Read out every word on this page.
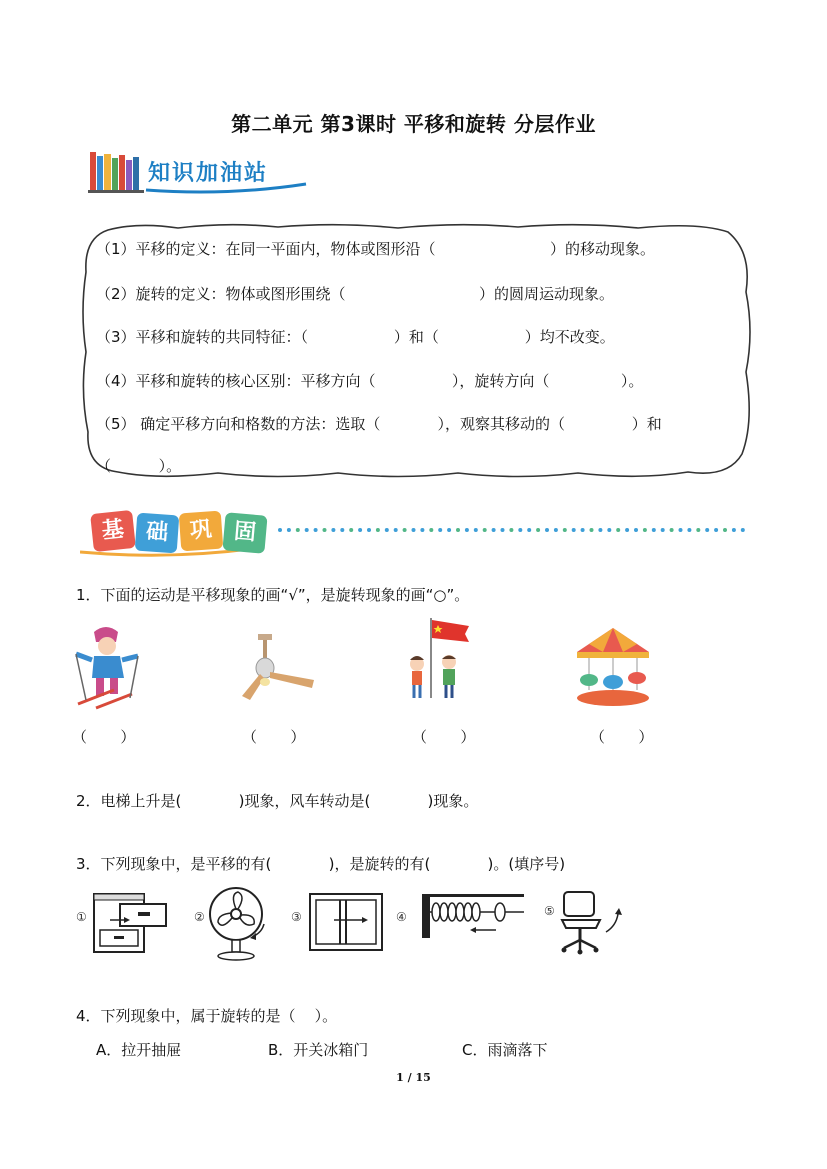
第二单元 第3课时 平移和旋转 分层作业
知识加油站
（1）平移的定义：在同一平面内，物体或图形沿（                        ）的移动现象。
（2）旋转的定义：物体或图形围绕（                            ）的圆周运动现象。
（3）平移和旋转的共同特征：（                  ）和（                  ）均不改变。
（4）平移和旋转的核心区别：平移方向（                ），旋转方向（               ）。
（5） 确定平移方向和格数的方法：选取（            ），观察其移动的（              ）和
（          ）。
基 础 巩 固
1．下面的运动是平移现象的画“√”，是旋转现象的画“○”。
（       ）	（       ）	（       ）	（       ）
2．电梯上升是(            )现象，风车转动是(            )现象。
3．下列现象中，是平移的有(            )，是旋转的有(            )。(填序号)
①	②	③	④	⑤
4．下列现象中，属于旋转的是（    ）。
A．拉开抽屉	B．开关冰箱门	C．雨滴落下
1 / 15
